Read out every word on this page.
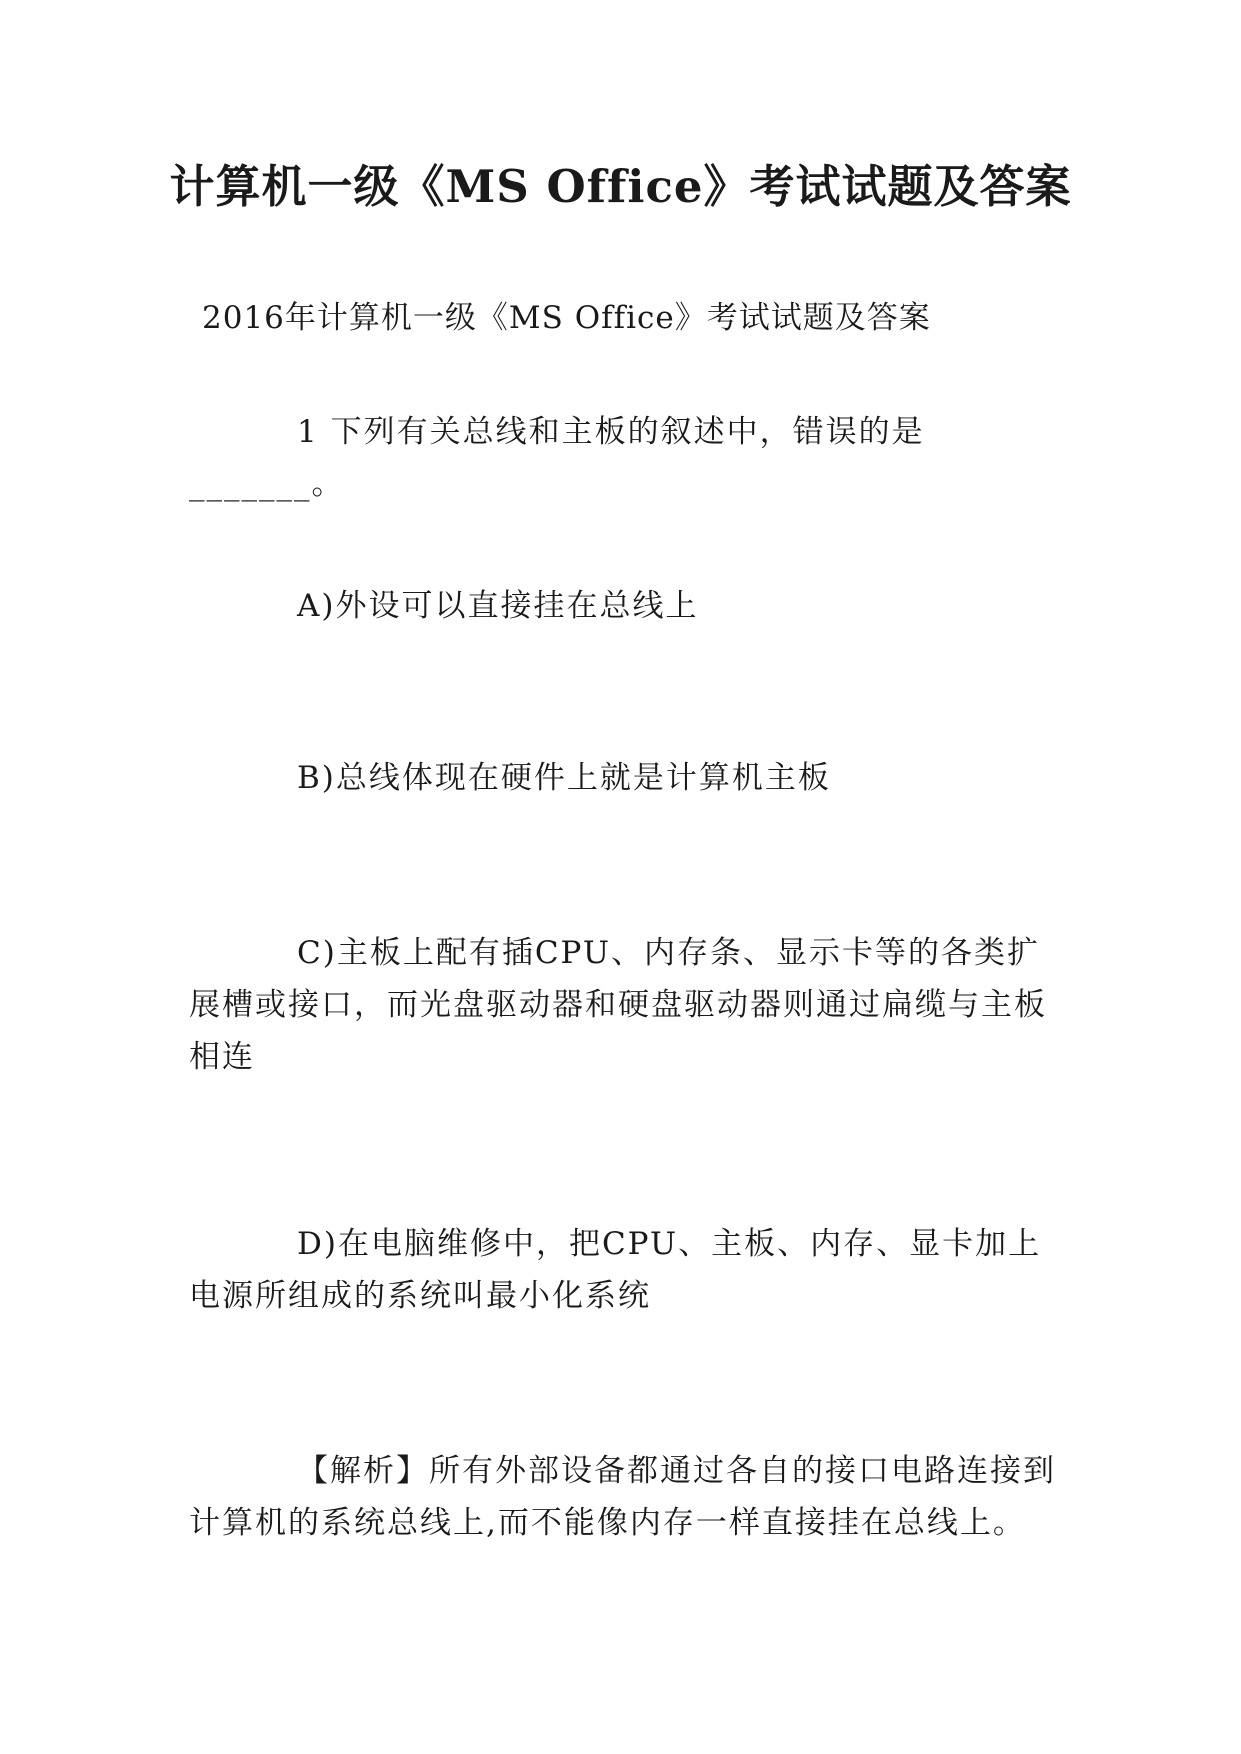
计算机一级《MS Office》考试试题及答案
2016年计算机一级《MS Office》考试试题及答案
1 下列有关总线和主板的叙述中，错误的是_______。
A)外设可以直接挂在总线上
B)总线体现在硬件上就是计算机主板
C)主板上配有插CPU、内存条、显示卡等的各类扩展槽或接口，而光盘驱动器和硬盘驱动器则通过扁缆与主板相连
D)在电脑维修中，把CPU、主板、内存、显卡加上电源所组成的系统叫最小化系统
【解析】所有外部设备都通过各自的接口电路连接到计算机的系统总线上,而不能像内存一样直接挂在总线上。
